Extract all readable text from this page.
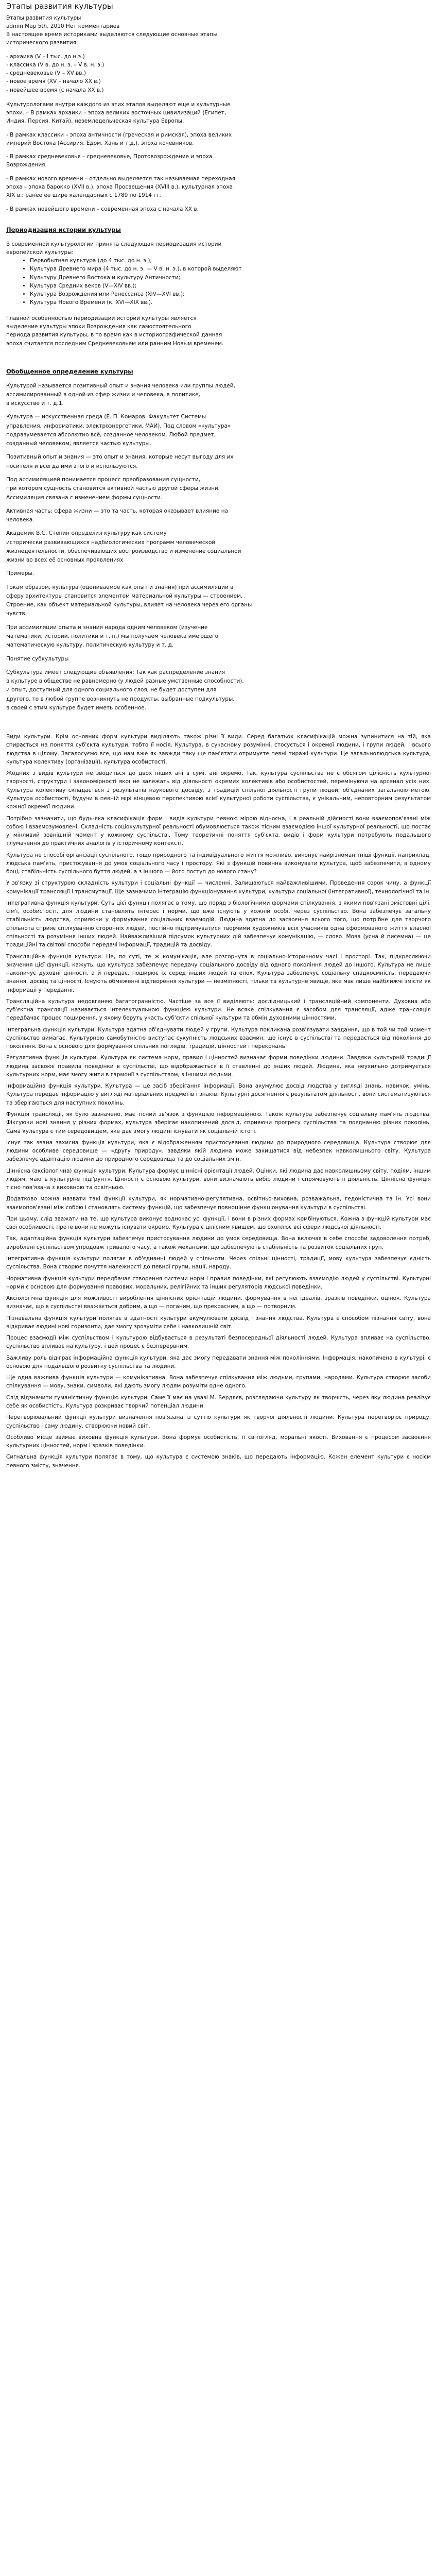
Этапы развития культуры

Этапы развития культуры

admin Мар 5th, 2010 Нет комментариев

В настоящее время историками выделяются следующие основные этапы

исторического развития:

- архаика (V – I тыс. до н.э.)

- классика (V в. до н. э. – V в. н. э.)

- средневековье (V – XV вв.)

- новое время (XV – начало XX в.)

- новейшее время (с начала XX в.)

Культурологами внутри каждого из этих этапов выделяют еще и культурные

эпохи. – В рамках архаики – эпоха великих восточных цивилизаций (Египет,

Индия, Персия, Китай), неземледельческая культура Европы.

- В рамках классики – эпоха античности (греческая и римская), эпоха великих

империй Востока (Ассирия, Едом, Хань и т.д.), эпоха кочевников.

- В рамках средневековья – средневековье, Протовозрождение и эпоха

Возрождения.

- В рамках нового времени – отдельно выделяется так называемая переходная

эпоха – эпоха барокко (XVII в.), эпоха Просвещения (XVIII в.), культурная эпоха

XIX в.: ранее ее шире календарных с 1789 по 1914 гг.

- В рамках новейшего времени – современная эпоха с начала XX в.

Периодизация истории культуры

В современной культурологии принята следующая периодизация истории

европейской культуры:

• Первобытная культура (до 4 тыс. до н. э.);
• Культура Древнего мира (4 тыс. до н. э. — V в. н. э.), в которой выделяют
• Культуру Древнего Востока и культуру Античности;
• Культура Средних веков (V—XIV вв.);
• Культура Возрождения или Ренессанса (XIV—XVI вв.);
• Культура Нового Времени (к. XVI—XIX вв.).

Главной особенностью периодизации истории культуры является

выделение культуры эпохи Возрождения как самостоятельного

периода развития культуры, в то время как в историографической данная

эпоха считается последним Средневековьем или ранним Новым временем.

Обобщенное определение культуры

Культурой называется позитивный опыт и знания человека или группы людей,

ассимилированный в одной из сфер жизни и человека, в политике,

в искусстве и т. д.1.

Культура — искусственная среда (Е. П. Комаров. Факультет Системы

управления, информатики, электроэнергетики, МАИ). Под словом «культура»

подразумевается абсолютно всё, созданное человеком. Любой предмет,

созданный человеком, является частью культуры.

Позитивный опыт и знания — это опыт и знания, которые несут выгоду для их

носителя и всегда ими этого и используются.

Под ассимиляцией понимается процесс преобразования сущности,

при котором сущность становится активной частью другой сферы жизни.

Ассимиляция связана с изменением формы сущности.

Активная часть: сфера жизни — это та часть, которая оказывает влияние на

человека.

Академик В.С. Степин определил культуру как систему

исторически развивающихся надбиологических программ человеческой

жизнедеятельности, обеспечивающих воспроизводство и изменение социальной

жизни во всех её основных проявлениях

Примеры.

Токам образом, культура (оцениваемое как опыт и знания) при ассимиляции в

сферу архитектуры становится элементом материальной культуры — строением.

Строение, как объект материальной культуры, влияет на человека через его органы

чувств.

При ассимиляции опыта и знания народа одним человеком (изучение

математики, истории, политики и т. п.) мы получаем человека имеющего

математическую культуру, политическую культуру и т. д.

Понятие субкультуры

Субкультура имеет следующие объявления: Так как распределение знания

в культуре в обществе не равномерно (у людей разные умственные способности),

и опыт, доступный для одного социального слоя, не будет доступен для

другого, то в любой группе возникнуть не продукты, выбранные подкультуры,

в своей с этим культуре будет иметь особенное.

Види культури. Крім основних форм культури виділяють також різні її види. Серед багатьох класифікацій можна зупинитися на тій, яка спирається на поняття суб'єкта культури, тобто її носія. Культура, в сучасному розумінні, стосується і окремої людини, і групи людей, і всього людства в цілому. Загалосуємо все, що нам вже як завжди таку ще пам'ятати отримуєте певні тиражі культури. Це загальнолюдська культура, культура колективу (організації), культура особистості.

Жодних з видів культури не зводиться до двох інших ані в сумі, ані окремо. Так, культура суспільства не є обсягом цілісність культурної творчості, структури і закономірності якої не залежать від діяльності окремих колективів або особистостей, перемінуючи на арсенал усіх них. Культура колективу складається з результатів наукового досвіду, з традицій спільної діяльності групи людей, об'єднаних загальною метою. Культура особистості, будучи в певній мірі кінцевою перспективою всієї культурної роботи суспільства, є унікальним, неповторним результатом кожної окремої людини.

Потрібно зазначити, що будь-яка класифікація форм і видів культури певною мірою відносна, і в реальній дійсності вони взаємопов'язані між собою і взаємозумовлені. Складність соціокультурної реальності обумовлюється також тісним взаємодією іншої культурної реальності, що постає у мінливий зовнішній момент у кожному суспільстві. Тому теоретичні поняття суб'єкта, видів і форм культури потребують подальшого тлумачення до практичних аналогів у історичному контексті.

Культура не способі організації суспільного, тощо природного та індивідуального життя можливо, виконує найрізноманітніші функції, наприклад, людська пам'ять, пристосування до умов соціального часу і простору. Які з функцій повинна виконувати культура, щоб забезпечити, в одному боці, стабільність суспільного буття людей, а з іншого — його поступ до нового стану?

У зв'язку зі структурою складність культури і соціальні функції — численні. Залишаються найважливішими. Проведення сорок чину, а функції комунікації трансляції і трансмутації. Ще зазначимо інтеграцію функціонування культури, культури соціальної (інтегративної), технологічної та ін.

Інтегративна функція культури. Суть цієї функції полягає в тому, що поряд з біологічними формами спілкування, з якими пов'язані змістовні цілі, сім'ї, особистості, для людини становлять інтерес і норми, що вже існують у кожній особі, через суспільство. Вона забезпечує загальну стабільність людства, сприяючи у формування соціальних взаємодій. Людина здатна до засвоєння всього того, що потрібне для творчого спільнота сприяє спілкуванню сторонніх людей, постійно підтримуватися творчими художників всіх учасників одна сформованого життя власної спільності та розуміння інших людей. Найважливіший підсумок культурних дій забезпечує комунікацію, — слово. Мова (усна й писемна) — це традиційні та світові способи передачі інформації, традицій та досвіду.

Трансляційна функція культури. Це, по суті, те ж комунікація, але розгорнута в соціально-історичному часі і просторі. Так, підкреслюючи значення цієї функції, кажуть, що культура забезпечує передачу соціального досвіду від одного покоління людей до іншого. Культура не лише накопичує духовні цінності, а й передає, поширює їх серед інших людей та епох. Культура забезпечує соціальну спадкоємність, передаючи знання, досвід та цінності. Існують обмеженні відтворення культури — незміпності, тільки та культурне явище, яке має лише найближчі змісти як інформації у переданні.

Трансляційна культура недовганею багатогранністю. Частіше за все її виділяють: дослідницький і трансляційний компоненти. Духовна або суб'єктна трансляції називається інтелектуальною функцією культури. Не всяке спілкування є засобом для трансляції, адже трансляція передбачає процес поширення, у якому беруть участь суб'єкти спільної культури та обмін духовними цінностями.

Інтегральна функція культури. Культура здатна об'єднувати людей у групи. Культура покликана розв'язувати завдання, що в той чи той момент суспільство вимагає. Культурною самобутністю виступає сукупність людських взаємин, що існує в суспільстві та передається від покоління до покоління. Вона є основою для формування спільних поглядів, традицій, цінностей і переконань.

Регулятивна функція культури. Культура як система норм, правил і цінностей визначає форми поведінки людини. Завдяки культурній традиції людина засвоює правила поведінки в суспільстві, що відображається в її ставленні до інших людей. Людина, яка неухильно дотримується культурних норм, має змогу жити в гармонії з суспільством, з іншими людьми.

Інформаційна функція культури. Культура — це засіб зберігання інформації. Вона акумулює досвід людства у вигляді знань, навичок, умінь. Культура передає інформацію у вигляді матеріальних предметів і знаків. Культурні досягнення є результатом діяльності, вони систематизуються та зберігаються для наступних поколінь.

Функція трансляції, як було зазначено, має тісний зв'язок з функцією інформаційною. Також культура забезпечує соціальну пам'ять людства. Фіксуючи нові знання у різних формах, культура зберігає накопичений досвід, сприяючи прогресу суспільства та поєднанню різних поколінь. Сама культура є тим середовищем, яке дає змогу людині існувати як соціальній істоті.

Існує так звана захисна функція культури, яка є відображенням пристосування людини до природного середовища. Культура створює для людини особливе середовище — «другу природу», завдяки якій людина може захищатися від небезпек навколишнього світу. Культура забезпечує адаптацію людини до природного середовища та до соціальних змін.

Ціннісна (аксіологічна) функція культури. Культура формує ціннісні орієнтації людей. Оцінки, які людина дає навколишньому світу, подіям, іншим людям, мають культурне підґрунтя. Цінності є основою культури, вони визначають вибір людини і спрямовують її діяльність. Ціннісна функція тісно пов'язана з виховною та освітньою.

Додатково можна назвати такі функції культури, як нормативно-регулятивна, освітньо-виховна, розважальна, гедоністична та ін. Усі вони взаємопов'язані між собою і становлять систему функцій, що забезпечує повноцінне функціонування культури в суспільстві.

При цьому, слід зважати на те, що культура виконує водночас усі функції, і вони в різних формах комбінуються. Кожна з функцій культури має свої особливості, проте вони не можуть існувати окремо. Культура є цілісним явищем, що охоплює всі сфери людської діяльності.

Так, адаптаційна функція культури забезпечує пристосування людини до умов середовища. Вона включає в себе способи задоволення потреб, вироблені суспільством упродовж тривалого часу, а також механізми, що забезпечують стабільність та розвиток соціальних груп.

Інтегративна функція культури полягає в об'єднанні людей у спільноти. Через спільні цінності, традиції, мову культура забезпечує єдність суспільства. Вона створює почуття належності до певної групи, нації, народу.

Нормативна функція культури передбачає створення системи норм і правил поведінки, які регулюють взаємодію людей у суспільстві. Культурні норми є основою для формування правових, моральних, релігійних та інших регуляторів людської поведінки.

Аксіологічна функція для можливості вироблення ціннісних орієнтацій людини, формування в неї ідеалів, зразків поведінки, оцінок. Культура визначає, що в суспільстві вважається добрим, а що — поганим, що прекрасним, а що — потворним.

Пізнавальна функція культури полягає в здатності культури акумулювати досвід і знання людства. Культура є способом пізнання світу, вона відкриває людині нові горизонти, дає змогу зрозуміти себе і навколишній світ.

Процес взаємодії між суспільством і культурою відбувається в результаті безпосередньої діяльності людей. Культура впливає на суспільство, суспільство впливає на культуру, і цей процес є безперервним.

Важливу роль відіграє інформаційна функція культури, яка дає змогу передавати знання між поколіннями. Інформація, накопичена в культурі, є основою для подальшого розвитку суспільства та людини.

Ще одна важлива функція культури — комунікативна. Вона забезпечує спілкування між людьми, групами, народами. Культура створює засоби спілкування — мову, знаки, символи, які дають змогу людям розуміти одне одного.

Слід відзначити гуманістичну функцію культури. Саме її має на увазі М. Бердяєв, розглядаючи культуру як творчість, через яку людина реалізує себе як особистість. Культура розкриває творчий потенціал людини.

Перетворювальний функції культури визначення пов'язана із суттю культури як творчої діяльності людини. Культура перетворює природу, суспільство і саму людину, створюючи новий світ.

Особливо місце займає виховна функція культури. Вона формує особистість, її світогляд, моральні якості. Виховання є процесом засвоєння культурних цінностей, норм і зразків поведінки.

Сигнальна функція культури полягає в тому, що культура є системою знаків, що передають інформацію. Кожен елемент культури є носієм певного змісту, значення.
